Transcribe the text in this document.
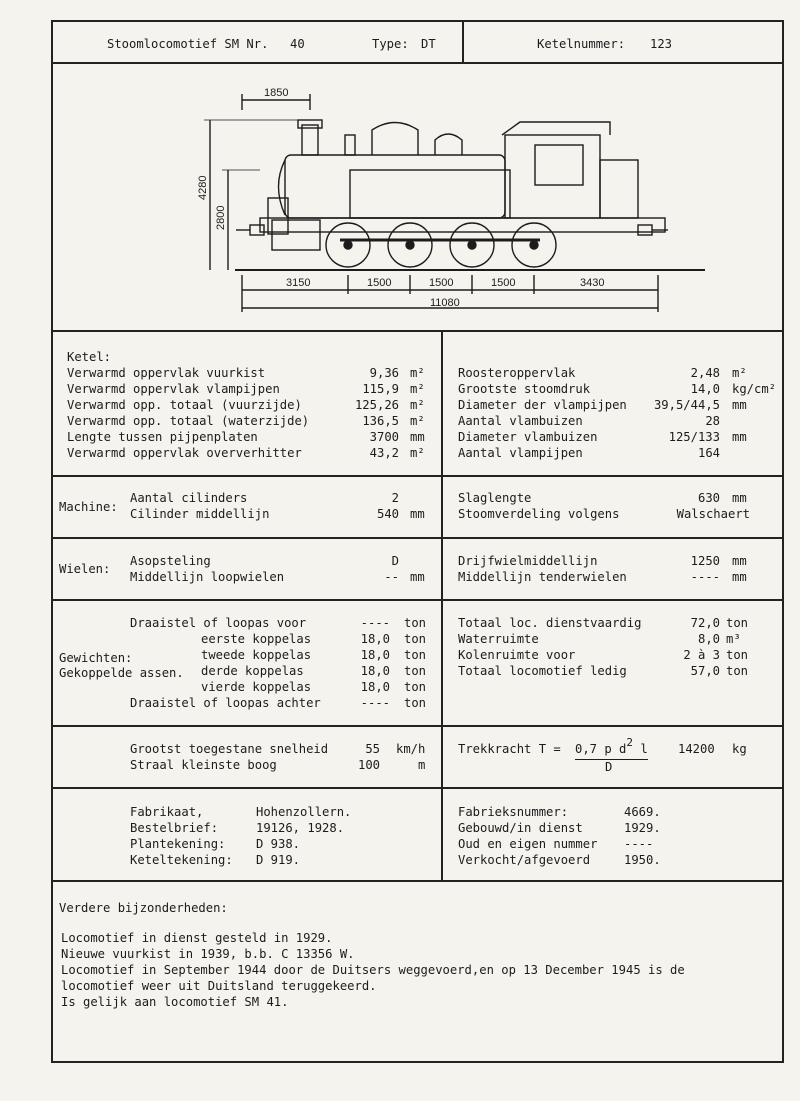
Stoomlocomotief SM Nr. 40	Type: DT	Ketelnummer: 123
1850
4280
2800
3150	1500	1500	1500	3430
11080
Ketel:
Verwarmd oppervlak vuurkist	9,36 m²
Verwarmd oppervlak vlampijpen	115,9 m²
Verwarmd opp. totaal (vuurzijde)	125,26 m²
Verwarmd opp. totaal (waterzijde)	136,5 m²
Lengte tussen pijpenplaten	3700 mm
Verwarmd oppervlak oververhitter	43,2 m²
Roosteroppervlak	2,48 m²
Grootste stoomdruk	14,0 kg/cm²
Diameter der vlampijpen	39,5/44,5 mm
Aantal vlambuizen	28
Diameter vlambuizen	125/133 mm
Aantal vlampijpen	164
Machine:
Aantal cilinders	2
Cilinder middellijn	540 mm
Slaglengte	630 mm
Stoomverdeling volgens	Walschaert
Wielen:
Asopsteling	D
Middellijn loopwielen	-- mm
Drijfwielmiddellijn	1250 mm
Middellijn tenderwielen	---- mm
Gewichten:
Gekoppelde assen.
Draaistel of loopas voor	---- ton
eerste koppelas	18,0 ton
tweede koppelas	18,0 ton
derde koppelas	18,0 ton
vierde koppelas	18,0 ton
Draaistel of loopas achter	---- ton
Totaal loc. dienstvaardig	72,0 ton
Waterruimte	8,0 m³
Kolenruimte voor	2 à 3 ton
Totaal locomotief ledig	57,0 ton
Grootst toegestane snelheid	55 km/h
Straal kleinste boog	100	m
Trekkracht T = 0,7 p d2 l
D
14200 kg
Fabrikaat,	Hohenzollern.
Bestelbrief:	19126, 1928.
Plantekening:	D 938.
Keteltekening: D 919.
Fabrieksnummer:	4669.
Gebouwd/in dienst	1929.
Oud en eigen nummer ----
Verkocht/afgevoerd	1950.
Verdere bijzonderheden:
Locomotief in dienst gesteld in 1929.
Nieuwe vuurkist in 1939, b.b. C 13356 W.
Locomotief in September 1944 door de Duitsers weggevoerd,en op 13 December 1945 is de
locomotief weer uit Duitsland teruggekeerd.
Is gelijk aan locomotief SM 41.
